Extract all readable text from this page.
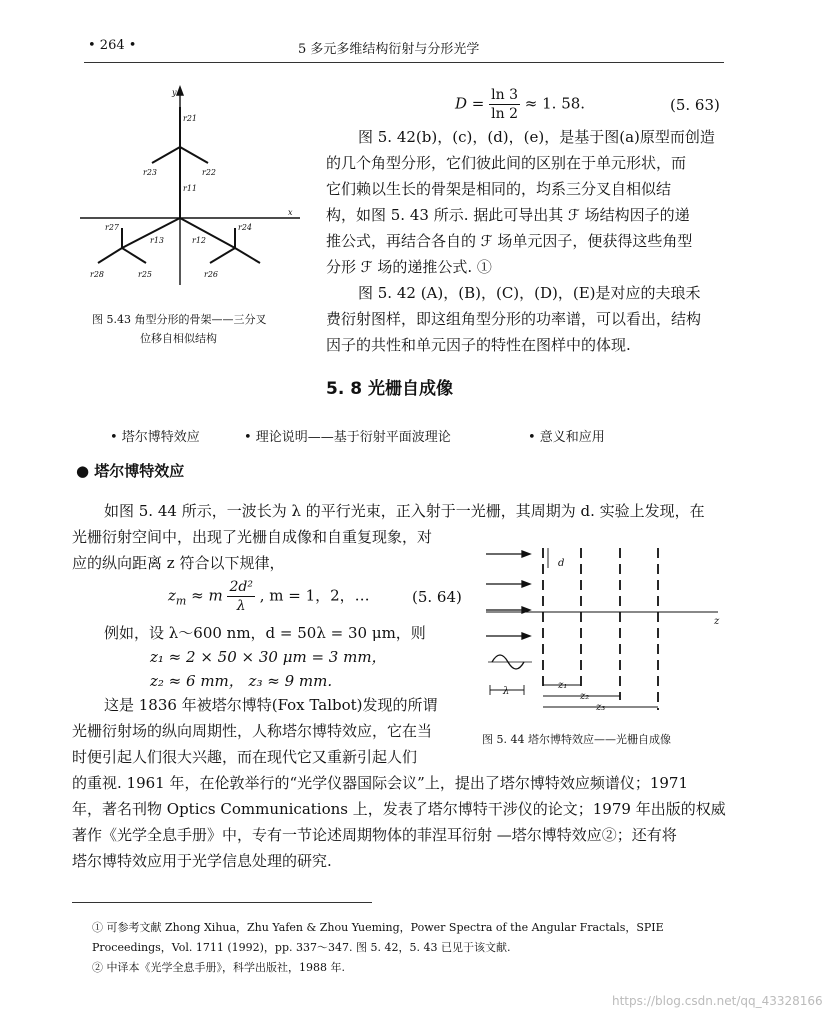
• 264 •	5 多元多维结构衍射与分形光学
y
x
r21
r23	r22
r11
r27
r13	r12
r24
r28	r25	r26
图 5.43 角型分形的骨架——三分叉
位移自相似结构
$D = \frac{\ln 3}{\ln 2} \approx 1$. 58.	(5. 63)
图 5. 42(b)，(c)，(d)，(e)，是基于图(a)原型而创造
的几个角型分形，它们彼此间的区别在于单元形状，而
它们赖以生长的骨架是相同的，均系三分叉自相似结
构，如图 5. 43 所示. 据此可导出其 ℱ 场结构因子的递
推公式，再结合各自的 ℱ 场单元因子，便获得这些角型
分形 ℱ 场的递推公式. ①
图 5. 42 (A)，(B)，(C)，(D)，(E)是对应的夫琅禾
费衍射图样，即这组角型分形的功率谱，可以看出，结构
因子的共性和单元因子的特性在图样中的体现.
5. 8 光栅自成像
• 塔尔博特效应	• 理论说明——基于衍射平面波理论	• 意义和应用
● 塔尔博特效应
如图 5. 44 所示，一波长为 λ 的平行光束，正入射于一光栅，其周期为 d. 实验上发现，在
光栅衍射空间中，出现了光栅自成像和自重复现象，对
应的纵向距离 z 符合以下规律，
$z_m \approx m \frac{\text{2d²}}{\lambda}$ , m = 1，2，…	(5. 64)
例如，设 λ～600 nm，d = 50λ = 30 μm，则
z₁ ≈ 2 × 50 × 30 μm = 3 mm，
z₂ ≈ 6 mm， z₃ ≈ 9 mm.
d
z
λ
z₁
z₂
z₃
图 5. 44 塔尔博特效应——光栅自成像
这是 1836 年被塔尔博特(Fox Talbot)发现的所谓
光栅衍射场的纵向周期性，人称塔尔博特效应，它在当
时便引起人们很大兴趣，而在现代它又重新引起人们
的重视. 1961 年，在伦敦举行的“光学仪器国际会议”上，提出了塔尔博特效应频谱仪；1971
年，著名刊物 Optics Communications 上，发表了塔尔博特干涉仪的论文；1979 年出版的权威
著作《光学全息手册》中，专有一节论述周期物体的菲涅耳衍射 —塔尔博特效应②；还有将
塔尔博特效应用于光学信息处理的研究.
① 可参考文献 Zhong Xihua，Zhu Yafen & Zhou Yueming，Power Spectra of the Angular Fractals，SPIE
Proceedings，Vol. 1711 (1992)，pp. 337～347. 图 5. 42，5. 43 已见于该文献.
② 中译本《光学全息手册》，科学出版社，1988 年.
https://blog.csdn.net/qq_43328166
